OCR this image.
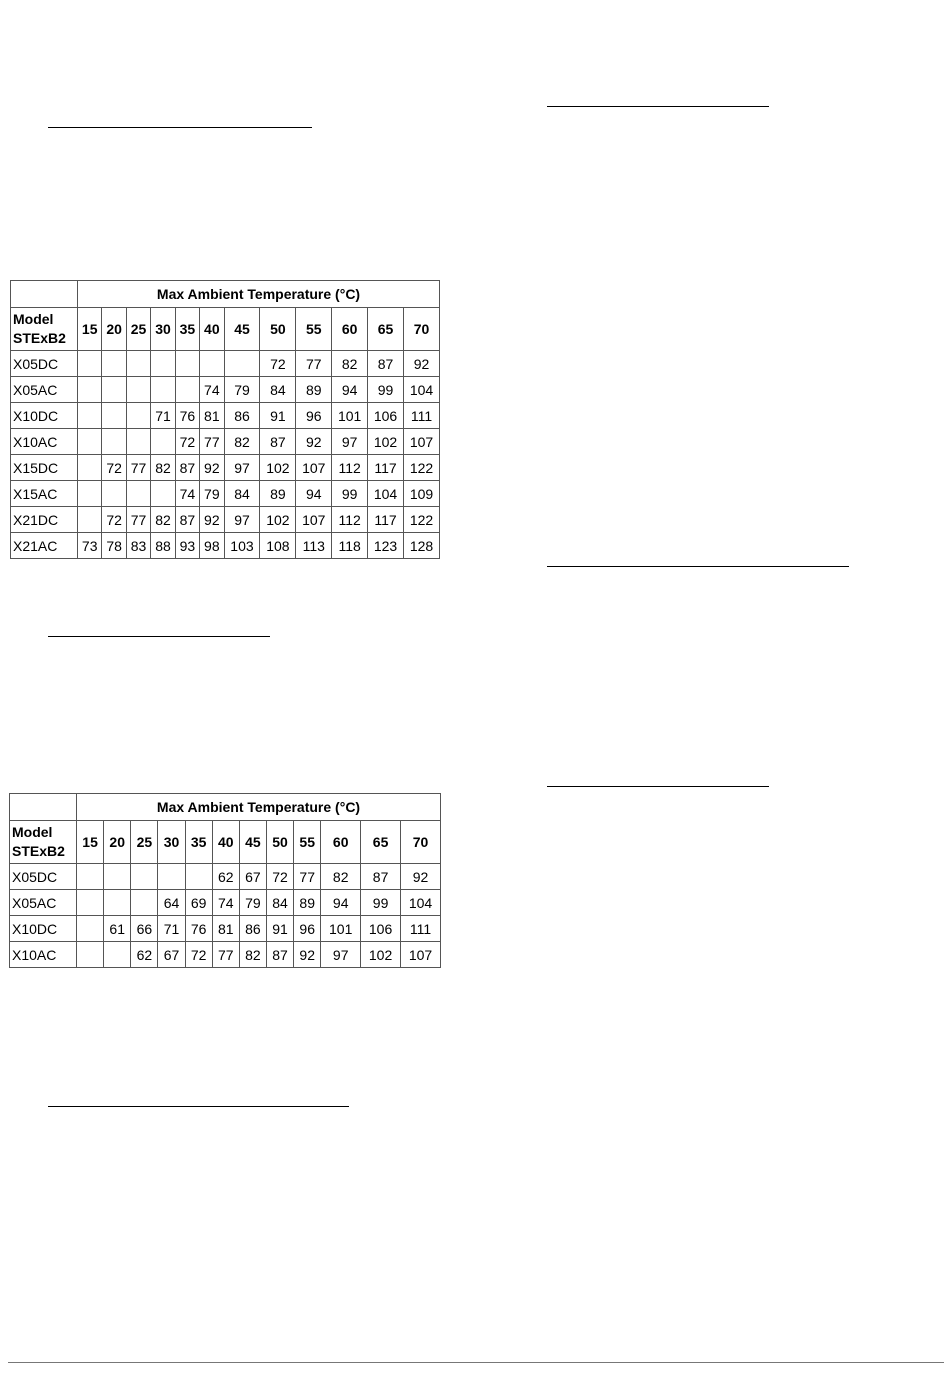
	Max Ambient Temperature (°C)											
Model
STExB2	15	20	25	30	35	40	45	50	55	60	65	70
X05DC								72	77	82	87	92
X05AC						74	79	84	89	94	99	104
X10DC				71	76	81	86	91	96	101	106	111
X10AC					72	77	82	87	92	97	102	107
X15DC		72	77	82	87	92	97	102	107	112	117	122
X15AC					74	79	84	89	94	99	104	109
X21DC		72	77	82	87	92	97	102	107	112	117	122
X21AC	73	78	83	88	93	98	103	108	113	118	123	128
	Max Ambient Temperature (°C)											
Model
STExB2	15	20	25	30	35	40	45	50	55	60	65	70
X05DC						62	67	72	77	82	87	92
X05AC				64	69	74	79	84	89	94	99	104
X10DC		61	66	71	76	81	86	91	96	101	106	111
X10AC			62	67	72	77	82	87	92	97	102	107
